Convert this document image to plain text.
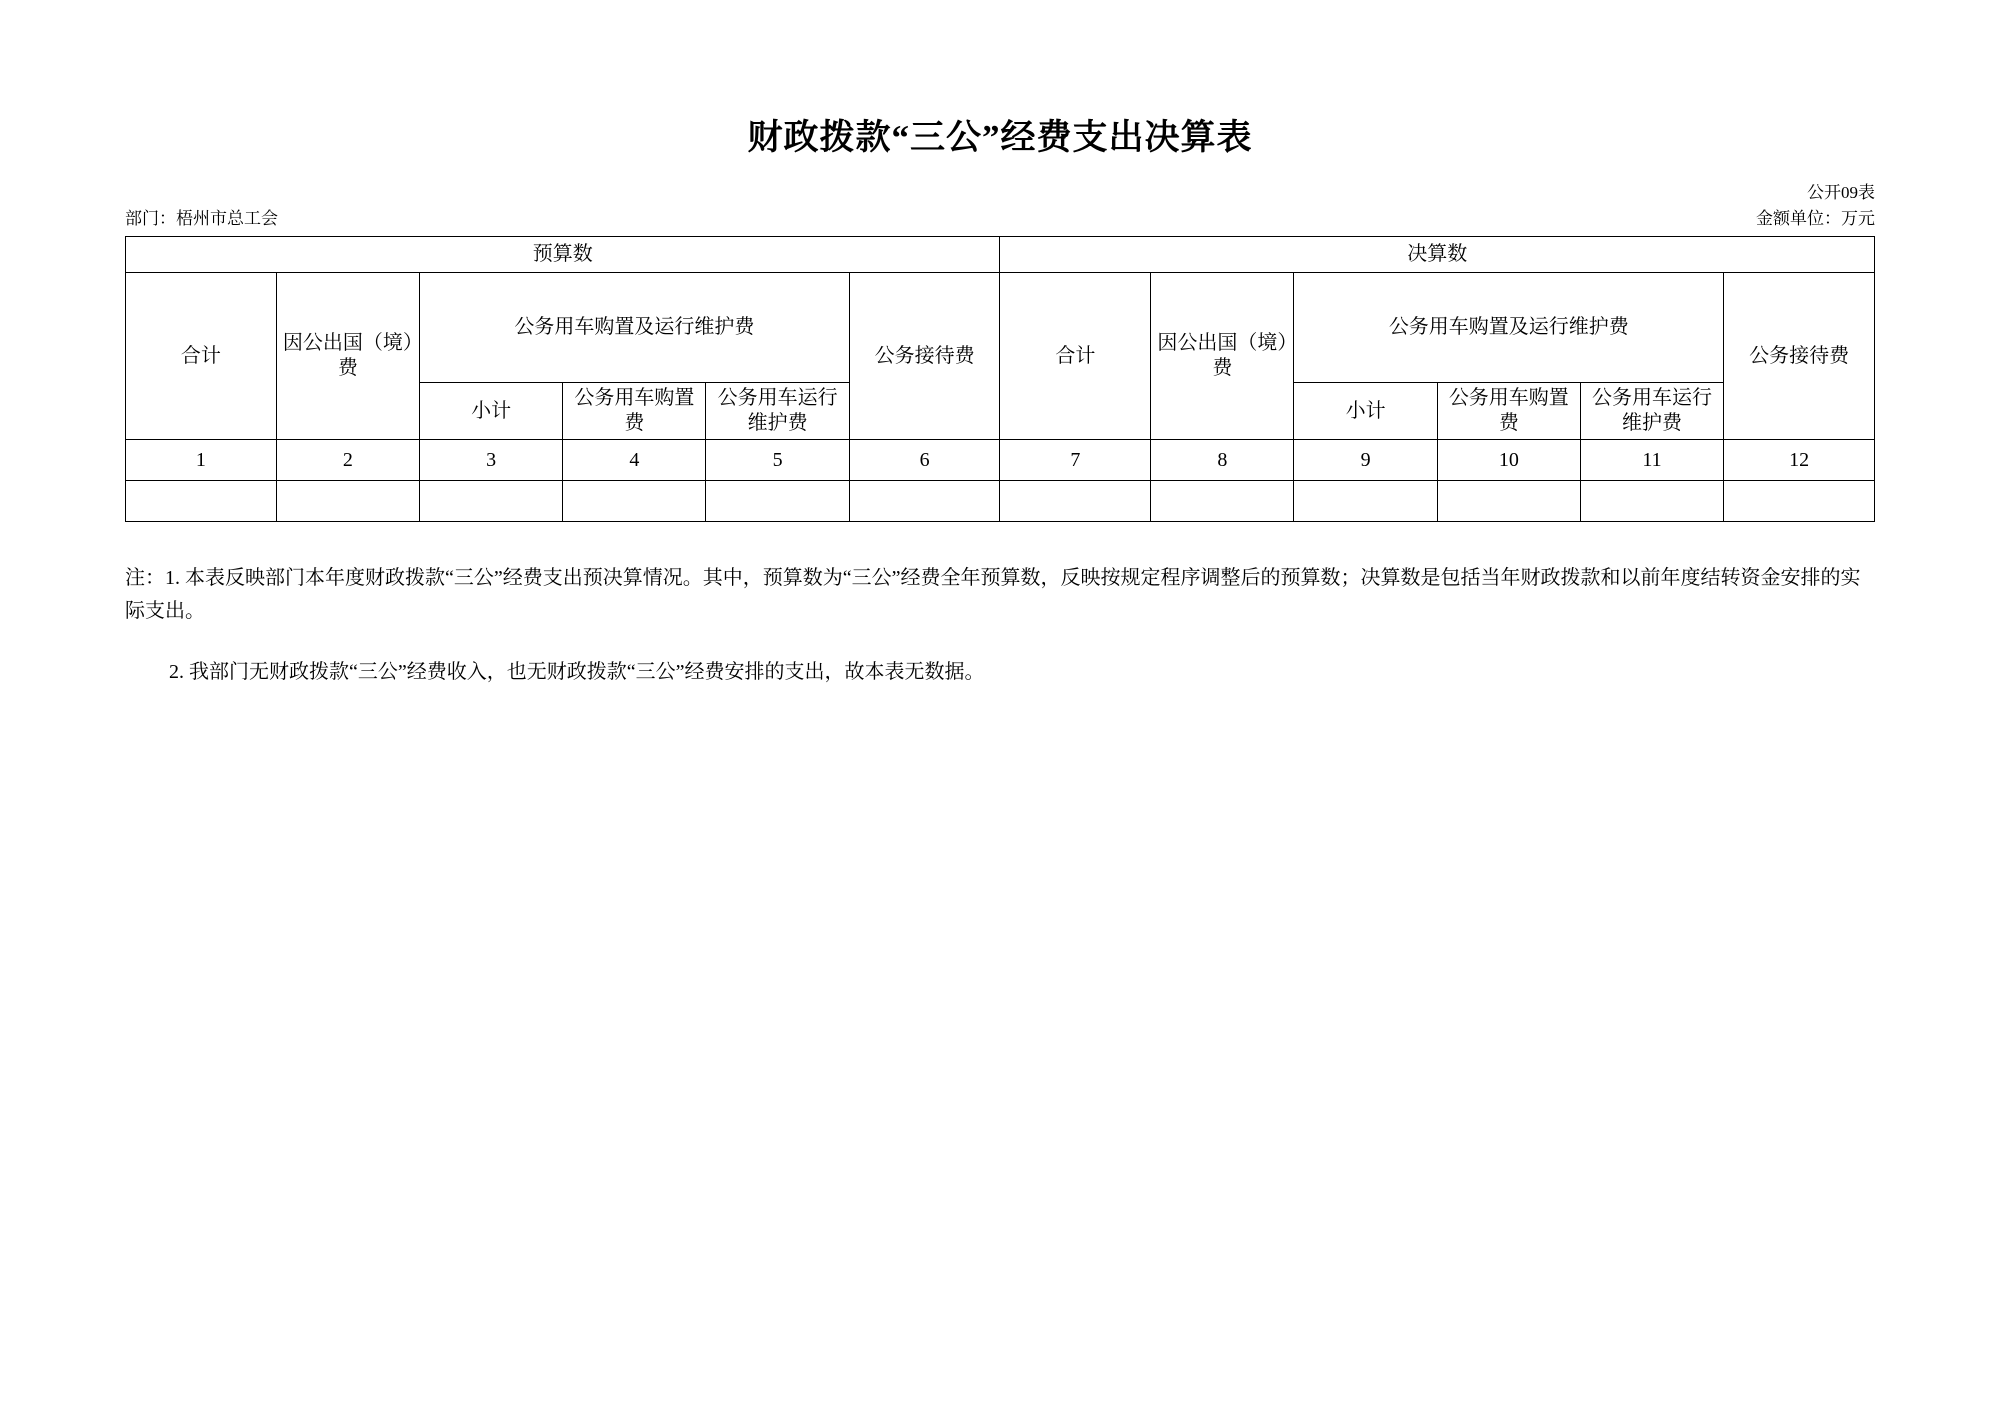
财政拨款“三公”经费支出决算表
公开09表
部门：梧州市总工会	金额单位：万元
预算数						决算数					
合计	因公出国（境）费	公务用车购置及运行维护费			公务接待费	合计	因公出国（境）费	公务用车购置及运行维护费			公务接待费
		小计	公务用车购置费	公务用车运行维护费				小计	公务用车购置费	公务用车运行维护费	
1	2	3	4	5	6	7	8	9	10	11	12

注：1. 本表反映部门本年度财政拨款“三公”经费支出预决算情况。其中，预算数为“三公”经费全年预算数，反映按规定程序调整后的预算数；决算数是包括当年财政拨款和以前年度结转资金安排的实际支出。
2. 我部门无财政拨款“三公”经费收入，也无财政拨款“三公”经费安排的支出，故本表无数据。
